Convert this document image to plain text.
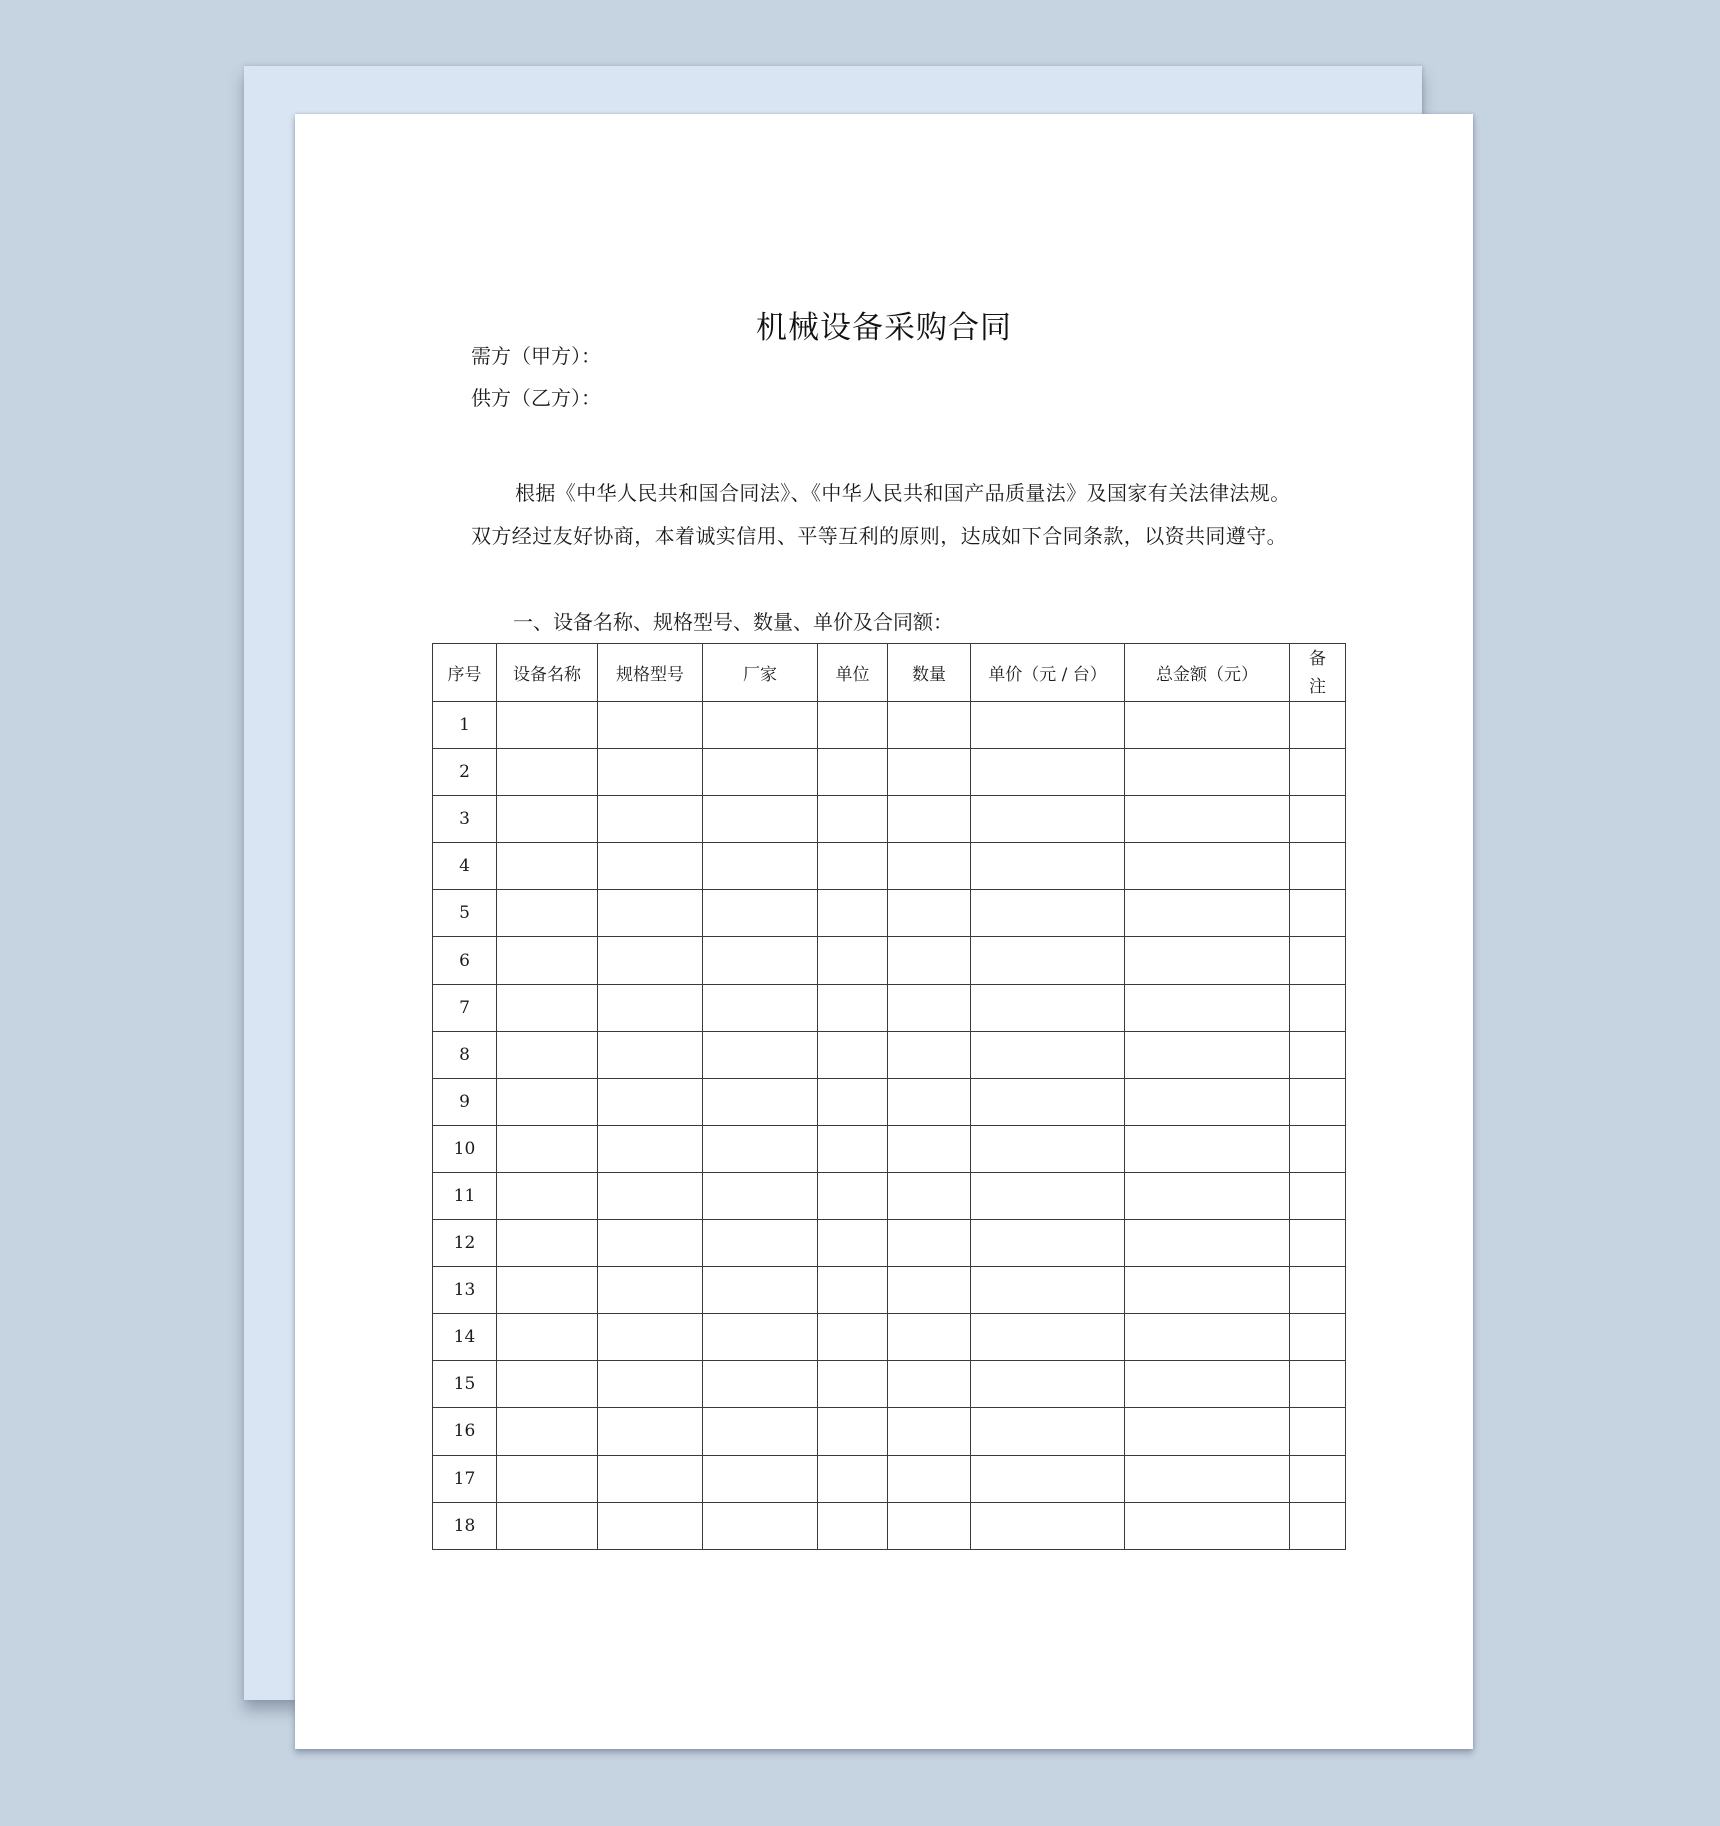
机械设备采购合同
需方（甲方）：
供方（乙方）：
根据《中华人民共和国合同法》、《中华人民共和国产品质量法》及国家有关法律法规。双方经过友好协商，本着诚实信用、平等互利的原则，达成如下合同条款，以资共同遵守。
一、设备名称、规格型号、数量、单价及合同额：
序号	设备名称	规格型号	厂家	单位	数量	单价（元 / 台）	总金额（元）	备
注

1								
2								
3								
4								
5								
6								
7								
8								
9								
10								
11								
12								
13								
14								
15								
16								
17								
18								
